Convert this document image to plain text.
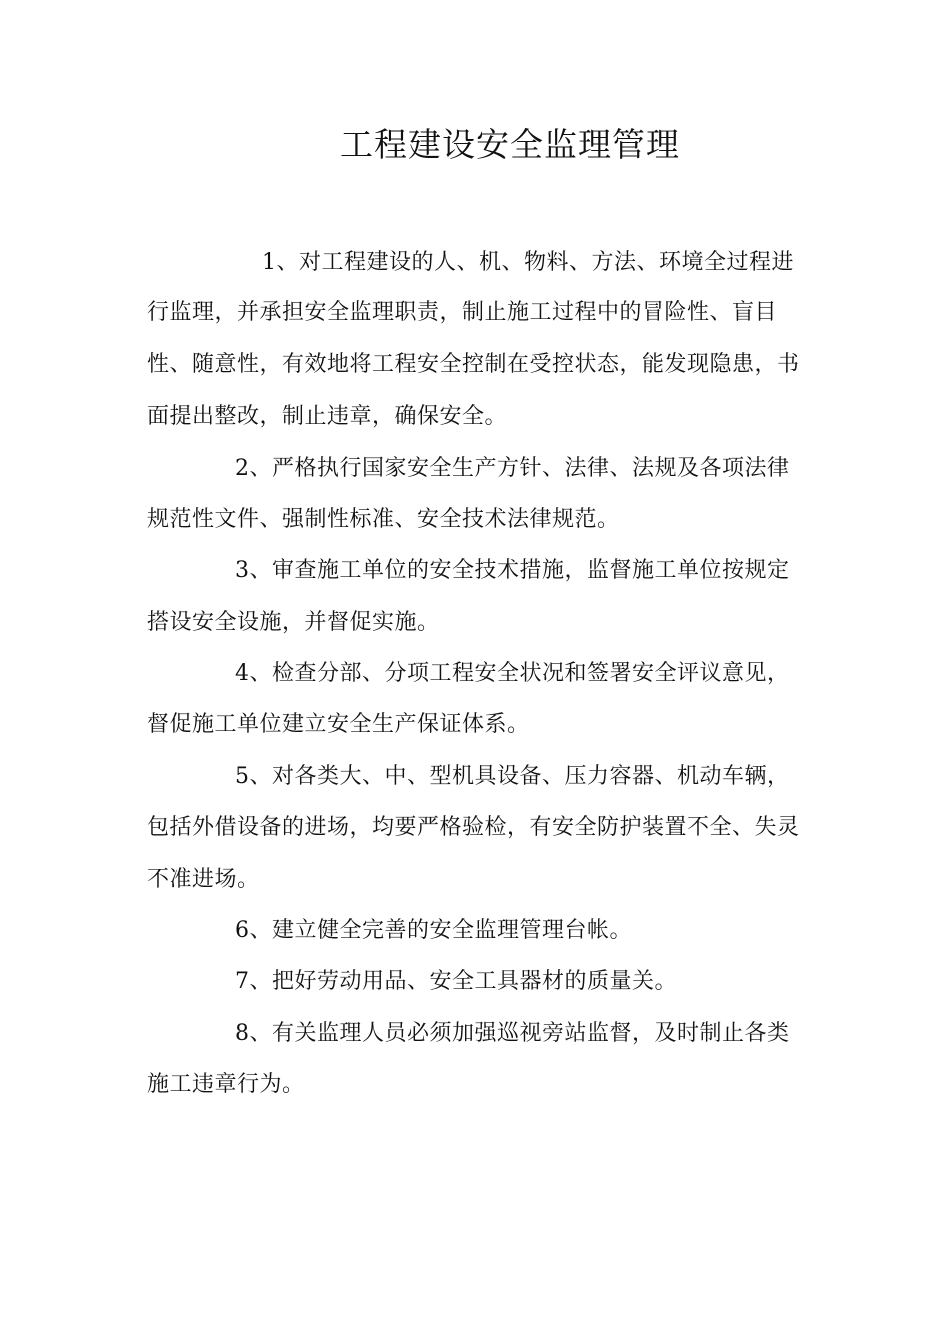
工程建设安全监理管理

1、对工程建设的人、机、物料、方法、环境全过程进

行监理，并承担安全监理职责，制止施工过程中的冒险性、盲目

性、随意性，有效地将工程安全控制在受控状态，能发现隐患，书

面提出整改，制止违章，确保安全。

2、严格执行国家安全生产方针、法律、法规及各项法律

规范性文件、强制性标准、安全技术法律规范。

3、审查施工单位的安全技术措施，监督施工单位按规定

搭设安全设施，并督促实施。

4、检查分部、分项工程安全状况和签署安全评议意见，

督促施工单位建立安全生产保证体系。

5、对各类大、中、型机具设备、压力容器、机动车辆，

包括外借设备的进场，均要严格验检，有安全防护装置不全、失灵

不准进场。

6、建立健全完善的安全监理管理台帐。

7、把好劳动用品、安全工具器材的质量关。

8、有关监理人员必须加强巡视旁站监督，及时制止各类

施工违章行为。
